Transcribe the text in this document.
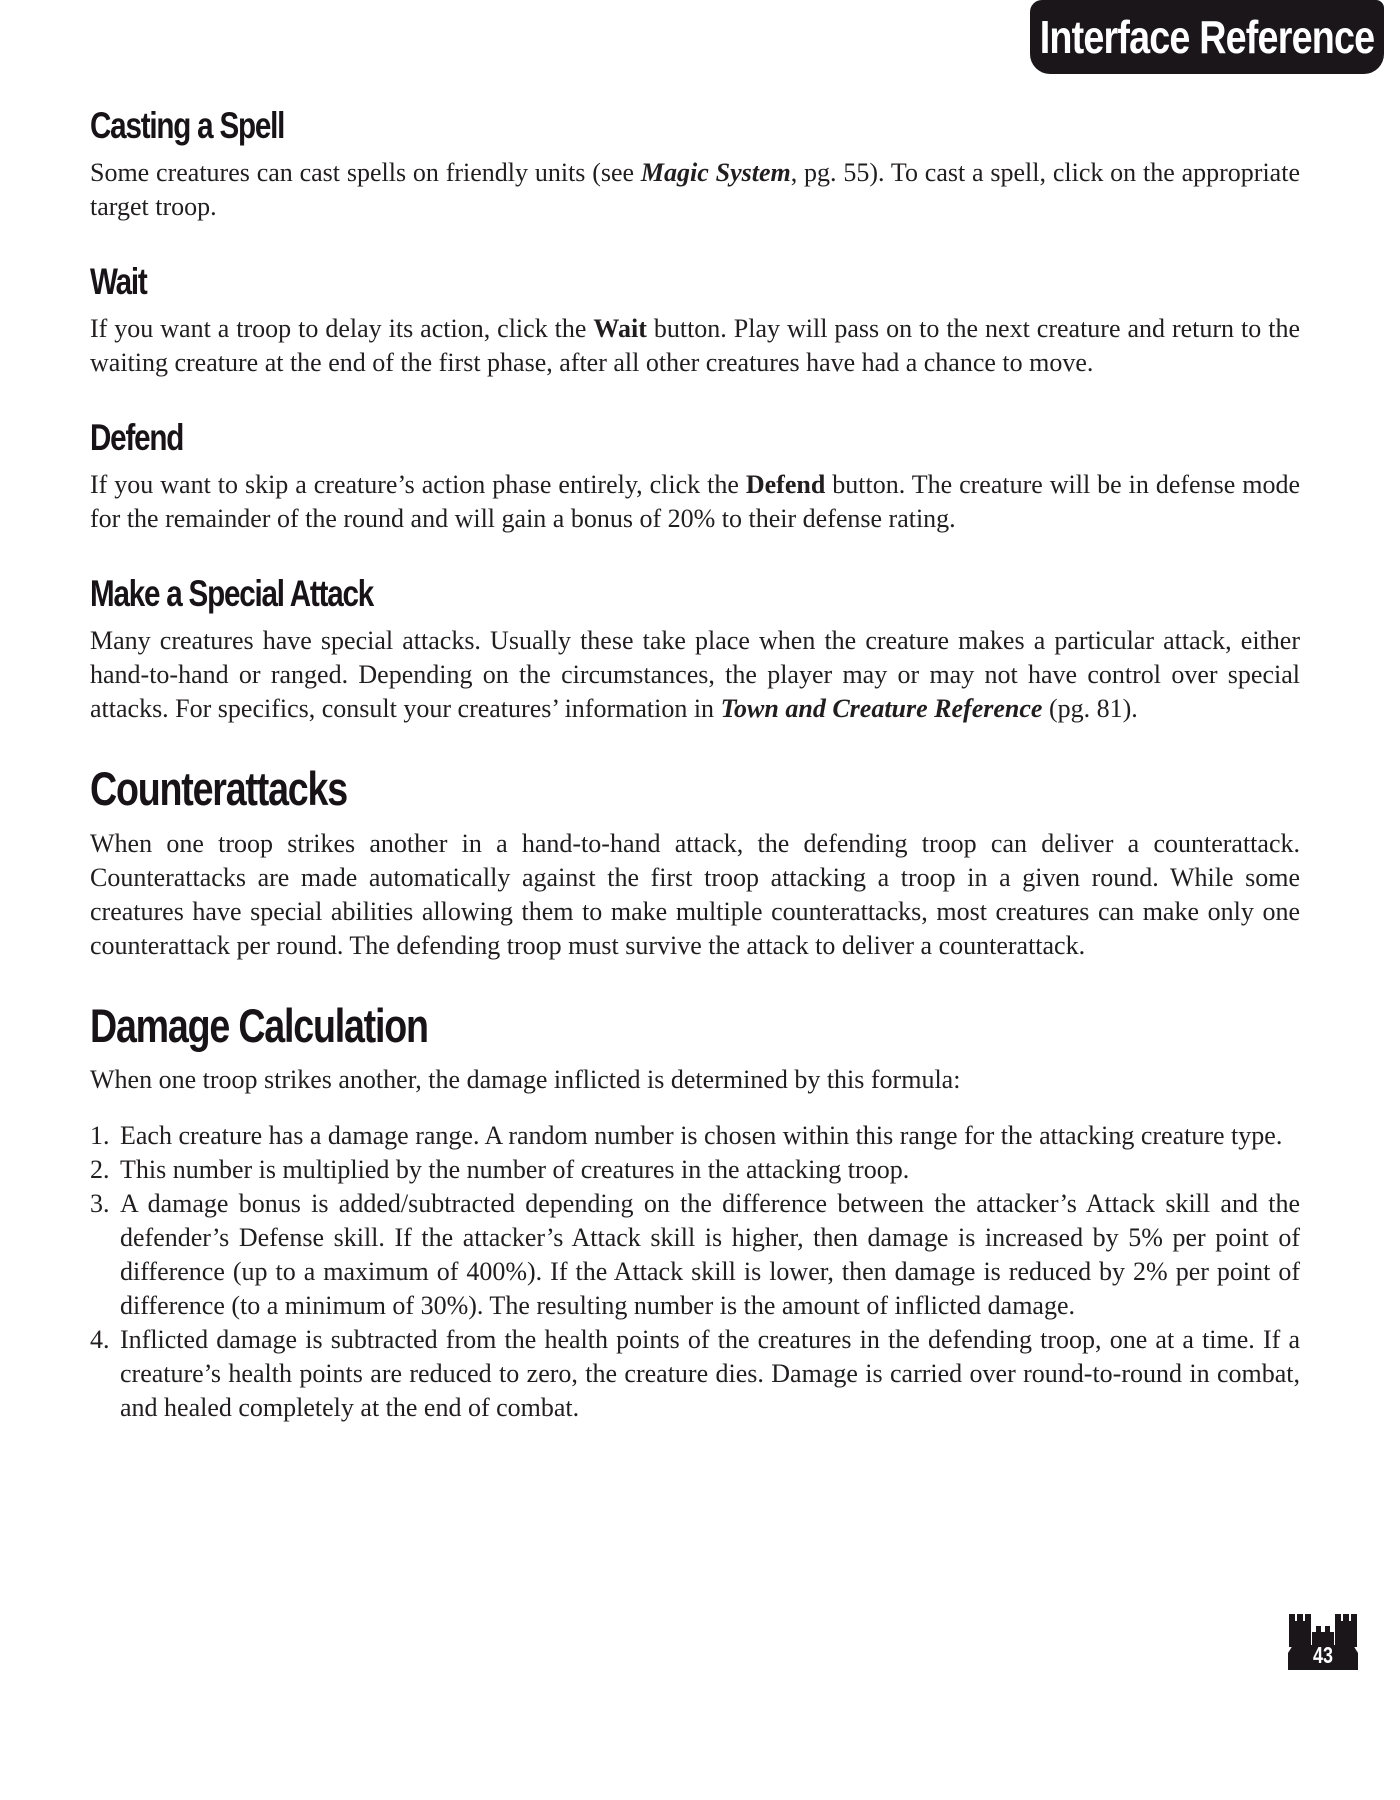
Interface Reference
Casting a Spell

Some creatures can cast spells on friendly units (see Magic System, pg. 55). To cast a spell, click on the appropriate target troop.

Wait

If you want a troop to delay its action, click the Wait button. Play will pass on to the next creature and return to the waiting creature at the end of the first phase, after all other creatures have had a chance to move.

Defend

If you want to skip a creature’s action phase entirely, click the Defend button. The creature will be in defense mode for the remainder of the round and will gain a bonus of 20% to their defense rating.

Make a Special Attack

Many creatures have special attacks. Usually these take place when the creature makes a particular attack, either hand-to-hand or ranged. Depending on the circumstances, the player may or may not have control over special attacks. For specifics, consult your creatures’ information in Town and Creature Reference (pg. 81).

Counterattacks

When one troop strikes another in a hand-to-hand attack, the defending troop can deliver a counterattack. Counterattacks are made automatically against the first troop attacking a troop in a given round. While some creatures have special abilities allowing them to make multiple counterattacks, most creatures can make only one counterattack per round. The defending troop must survive the attack to deliver a counterattack.

Damage Calculation

When one troop strikes another, the damage inflicted is determined by this formula:

1. Each creature has a damage range. A random number is chosen within this range for the attacking creature type.
2. This number is multiplied by the number of creatures in the attacking troop.
3. A damage bonus is added/subtracted depending on the difference between the attacker’s Attack skill and the defender’s Defense skill. If the attacker’s Attack skill is higher, then damage is increased by 5% per point of difference (up to a maximum of 400%). If the Attack skill is lower, then damage is reduced by 2% per point of difference (to a minimum of 30%). The resulting number is the amount of inflicted damage.
4. Inflicted damage is subtracted from the health points of the creatures in the defending troop, one at a time. If a creature’s health points are reduced to zero, the creature dies. Damage is carried over round-to-round in combat, and healed completely at the end of combat.
43
